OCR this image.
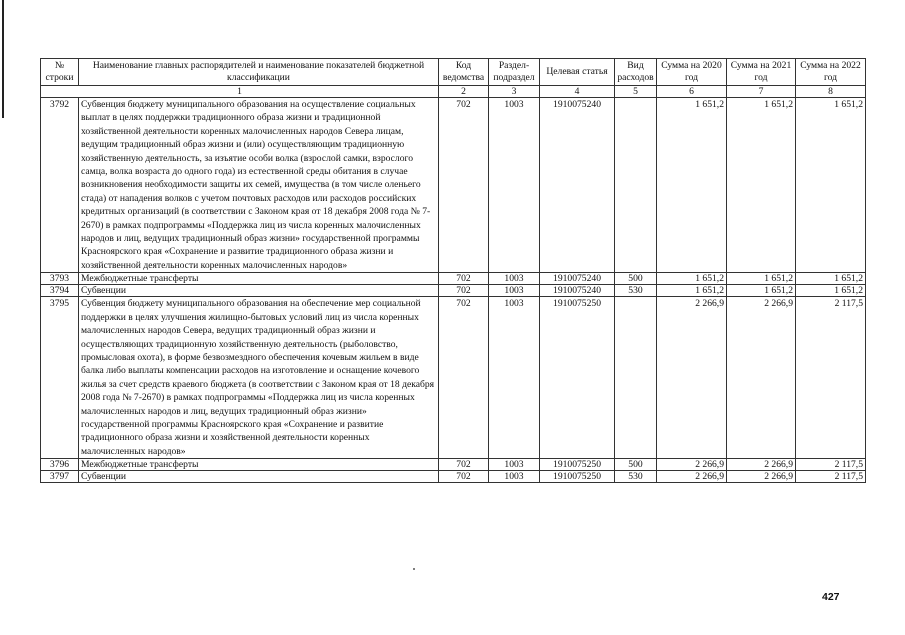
№ строки	Наименование главных распорядителей и наименование показателей бюджетной классификации	Код ведомства	Раздел-подраздел	Целевая статья	Вид расходов	Сумма на 2020 год	Сумма на 2021 год	Сумма на 2022 год
1		2	3	4	5	6	7	8
3792	Субвенция бюджету муниципального образования на осуществление социальных выплат в целях поддержки традиционного образа жизни и традиционной хозяйственной деятельности коренных малочисленных народов Севера лицам, ведущим традиционный образ жизни и (или) осуществляющим традиционную хозяйственную деятельность, за изъятие особи волка (взрослой самки, взрослого самца, волка возраста до одного года) из естественной среды обитания в случае возникновения необходимости защиты их семей, имущества (в том числе оленьего стада) от нападения волков с учетом почтовых расходов или расходов российских кредитных организаций (в соответствии с Законом края от 18 декабря 2008 года № 7-2670) в рамках подпрограммы «Поддержка лиц из числа коренных малочисленных народов и лиц, ведущих традиционный образ жизни» государственной программы Красноярского края «Сохранение и развитие традиционного образа жизни и хозяйственной деятельности коренных малочисленных народов»	702	1003	1910075240		1 651,2	1 651,2	1 651,2
3793	Межбюджетные трансферты	702	1003	1910075240	500	1 651,2	1 651,2	1 651,2
3794	Субвенции	702	1003	1910075240	530	1 651,2	1 651,2	1 651,2
3795	Субвенция бюджету муниципального образования на обеспечение мер социальной поддержки в целях улучшения жилищно-бытовых условий лиц из числа коренных малочисленных народов Севера, ведущих традиционный образ жизни и осуществляющих традиционную хозяйственную деятельность (рыболовство, промысловая охота), в форме безвозмездного обеспечения кочевым жильем в виде балка либо выплаты компенсации расходов на изготовление и оснащение кочевого жилья за счет средств краевого бюджета (в соответствии с Законом края от 18 декабря 2008 года № 7-2670) в рамках подпрограммы «Поддержка лиц из числа коренных малочисленных народов и лиц, ведущих традиционный образ жизни» государственной программы Красноярского края «Сохранение и развитие традиционного образа жизни и хозяйственной деятельности коренных малочисленных народов»	702	1003	1910075250		2 266,9	2 266,9	2 117,5
3796	Межбюджетные трансферты	702	1003	1910075250	500	2 266,9	2 266,9	2 117,5
3797	Субвенции	702	1003	1910075250	530	2 266,9	2 266,9	2 117,5
427
